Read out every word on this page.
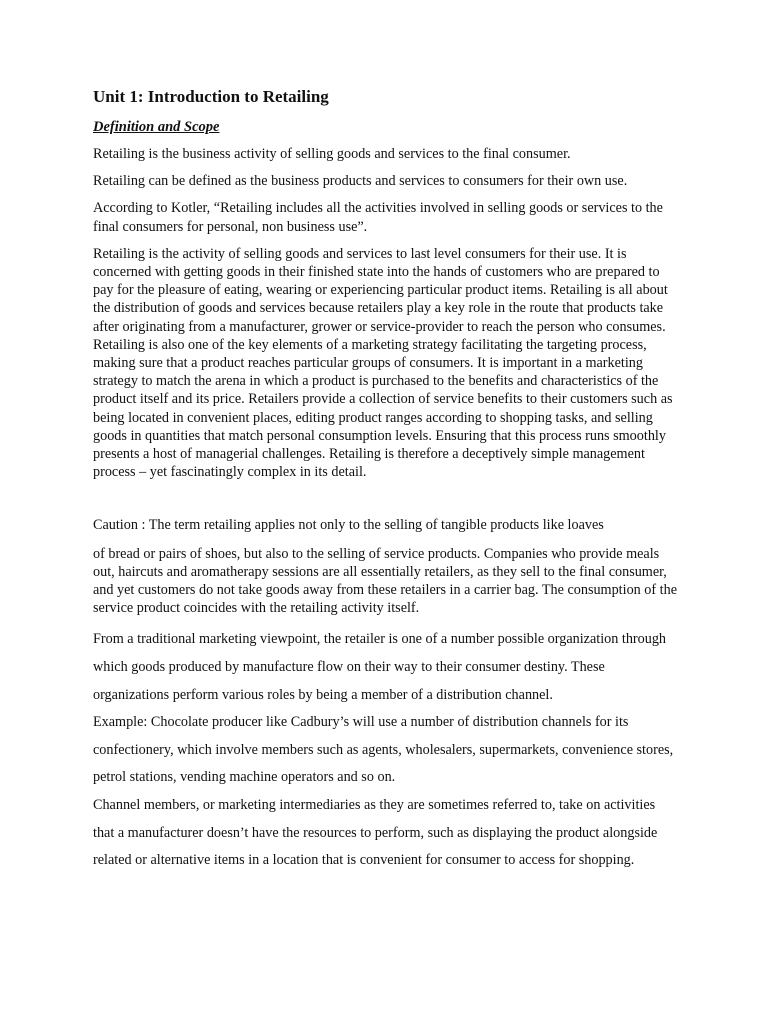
Unit 1: Introduction to Retailing
Definition and Scope

Retailing is the business activity of selling goods and services to the final consumer.

Retailing can be defined as the business products and services to consumers for their own use.

According to Kotler, “Retailing includes all the activities involved in selling goods or services to the final consumers for personal, non business use”.

Retailing is the activity of selling goods and services to last level consumers for their use. It is concerned with getting goods in their finished state into the hands of customers who are prepared to pay for the pleasure of eating, wearing or experiencing particular product items. Retailing is all about the distribution of goods and services because retailers play a key role in the route that products take after originating from a manufacturer, grower or service-provider to reach the person who consumes. Retailing is also one of the key elements of a marketing strategy facilitating the targeting process, making sure that a product reaches particular groups of consumers. It is important in a marketing strategy to match the arena in which a product is purchased to the benefits and characteristics of the product itself and its price. Retailers provide a collection of service benefits to their customers such as being located in convenient places, editing product ranges according to shopping tasks, and selling goods in quantities that match personal consumption levels. Ensuring that this process runs smoothly presents a host of managerial challenges. Retailing is therefore a deceptively simple management process – yet fascinatingly complex in its detail.

Caution : The term retailing applies not only to the selling of tangible products like loaves

of bread or pairs of shoes, but also to the selling of service products. Companies who provide meals out, haircuts and aromatherapy sessions are all essentially retailers, as they sell to the final consumer, and yet customers do not take goods away from these retailers in a carrier bag. The consumption of the service product coincides with the retailing activity itself.

From a traditional marketing viewpoint, the retailer is one of a number possible organization through which goods produced by manufacture flow on their way to their consumer destiny. These organizations perform various roles by being a member of a distribution channel.

Example: Chocolate producer like Cadbury’s will use a number of distribution channels for its confectionery, which involve members such as agents, wholesalers, supermarkets, convenience stores, petrol stations, vending machine operators and so on.

Channel members, or marketing intermediaries as they are sometimes referred to, take on activities that a manufacturer doesn’t have the resources to perform, such as displaying the product alongside related or alternative items in a location that is convenient for consumer to access for shopping.
